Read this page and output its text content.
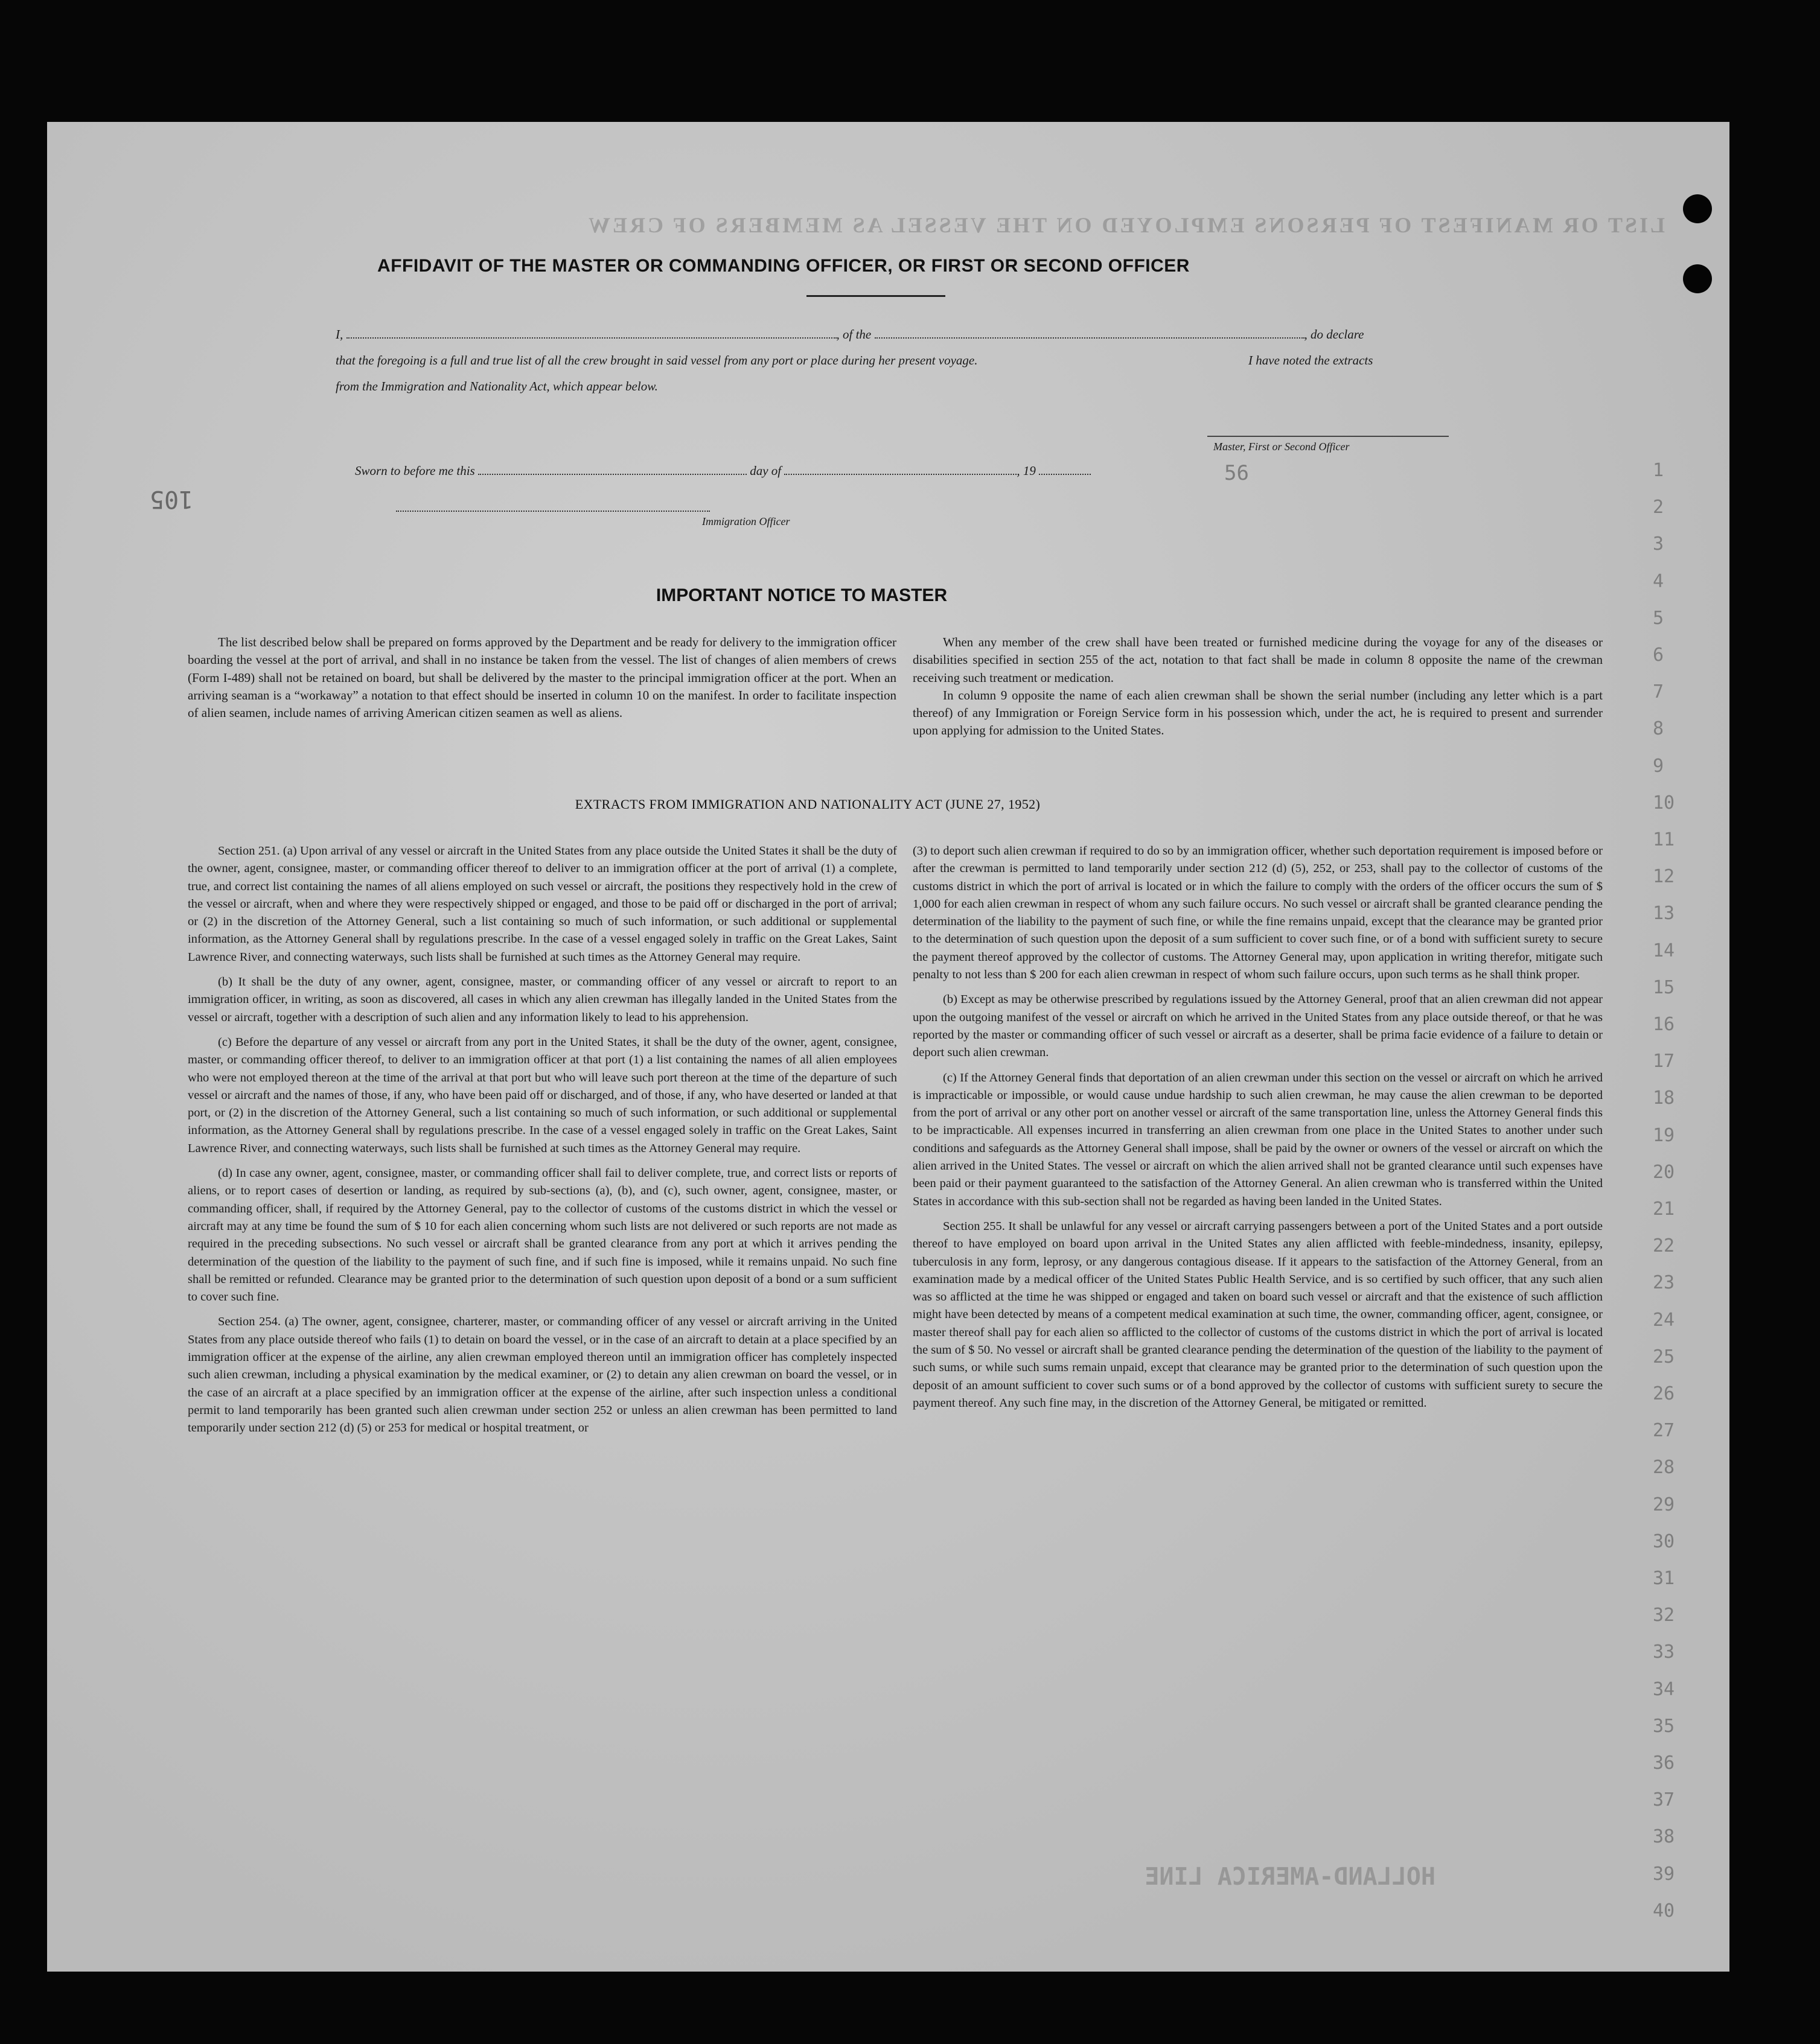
LIST OR MANIFEST OF PERSONS EMPLOYED ON THE VESSEL AS MEMBERS OF CREW
56
HOLLAND-AMERICA LINE
105
1
2
3
4
5
6
7
8
9
10
11
12
13
14
15
16
17
18
19
20
21
22
23
24
25
26
27
28
29
30
31
32
33
34
35
36
37
38
39
40
AFFIDAVIT OF THE MASTER OR COMMANDING OFFICER, OR FIRST OR SECOND OFFICER
I,	, of the	, do declare
that the foregoing is a full and true list of all the crew brought in said vessel from any port or place during her present voyage.	I have noted the extracts
from the Immigration and Nationality Act, which appear below.
Master, First or Second Officer
Sworn to before me this	day of	, 19
Immigration Officer
IMPORTANT NOTICE TO MASTER

The list described below shall be prepared on forms approved by the Department and be ready for delivery to the immigration officer boarding the vessel at the port of arrival, and shall in no instance be taken from the vessel. The list of changes of alien members of crews (Form I-489) shall not be retained on board, but shall be delivered by the master to the principal immigration officer at the port. When an arriving seaman is a “workaway” a notation to that effect should be inserted in column 10 on the manifest. In order to facilitate inspection of alien seamen, include names of arriving American citizen seamen as well as aliens.

When any member of the crew shall have been treated or furnished medicine during the voyage for any of the diseases or disabilities specified in section 255 of the act, notation to that fact shall be made in column 8 opposite the name of the crewman receiving such treatment or medication.

In column 9 opposite the name of each alien crewman shall be shown the serial number (including any letter which is a part thereof) of any Immigration or Foreign Service form in his possession which, under the act, he is required to present and surrender upon applying for admission to the United States.

EXTRACTS FROM IMMIGRATION AND NATIONALITY ACT (JUNE 27, 1952)

Section 251. (a) Upon arrival of any vessel or aircraft in the United States from any place outside the United States it shall be the duty of the owner, agent, consignee, master, or commanding officer thereof to deliver to an immigration officer at the port of arrival (1) a complete, true, and correct list containing the names of all aliens employed on such vessel or aircraft, the positions they respectively hold in the crew of the vessel or aircraft, when and where they were respectively shipped or engaged, and those to be paid off or discharged in the port of arrival; or (2) in the discretion of the Attorney General, such a list containing so much of such information, or such additional or supplemental information, as the Attorney General shall by regulations prescribe. In the case of a vessel engaged solely in traffic on the Great Lakes, Saint Lawrence River, and connecting waterways, such lists shall be furnished at such times as the Attorney General may require.

(b) It shall be the duty of any owner, agent, consignee, master, or commanding officer of any vessel or aircraft to report to an immigration officer, in writing, as soon as discovered, all cases in which any alien crewman has illegally landed in the United States from the vessel or aircraft, together with a description of such alien and any information likely to lead to his apprehension.

(c) Before the departure of any vessel or aircraft from any port in the United States, it shall be the duty of the owner, agent, consignee, master, or commanding officer thereof, to deliver to an immigration officer at that port (1) a list containing the names of all alien employees who were not employed thereon at the time of the arrival at that port but who will leave such port thereon at the time of the departure of such vessel or aircraft and the names of those, if any, who have been paid off or discharged, and of those, if any, who have deserted or landed at that port, or (2) in the discretion of the Attorney General, such a list containing so much of such information, or such additional or supplemental information, as the Attorney General shall by regulations prescribe. In the case of a vessel engaged solely in traffic on the Great Lakes, Saint Lawrence River, and connecting waterways, such lists shall be furnished at such times as the Attorney General may require.

(d) In case any owner, agent, consignee, master, or commanding officer shall fail to deliver complete, true, and correct lists or reports of aliens, or to report cases of desertion or landing, as required by sub-sections (a), (b), and (c), such owner, agent, consignee, master, or commanding officer, shall, if required by the Attorney General, pay to the collector of customs of the customs district in which the vessel or aircraft may at any time be found the sum of $ 10 for each alien concerning whom such lists are not delivered or such reports are not made as required in the preceding subsections. No such vessel or aircraft shall be granted clearance from any port at which it arrives pending the determination of the question of the liability to the payment of such fine, and if such fine is imposed, while it remains unpaid. No such fine shall be remitted or refunded. Clearance may be granted prior to the determination of such question upon deposit of a bond or a sum sufficient to cover such fine.

Section 254. (a) The owner, agent, consignee, charterer, master, or commanding officer of any vessel or aircraft arriving in the United States from any place outside thereof who fails (1) to detain on board the vessel, or in the case of an aircraft to detain at a place specified by an immigration officer at the expense of the airline, any alien crewman employed thereon until an immigration officer has completely inspected such alien crewman, including a physical examination by the medical examiner, or (2) to detain any alien crewman on board the vessel, or in the case of an aircraft at a place specified by an immigration officer at the expense of the airline, after such inspection unless a conditional permit to land temporarily has been granted such alien crewman under section 252 or unless an alien crewman has been permitted to land temporarily under section 212 (d) (5) or 253 for medical or hospital treatment, or

(3) to deport such alien crewman if required to do so by an immigration officer, whether such deportation requirement is imposed before or after the crewman is permitted to land temporarily under section 212 (d) (5), 252, or 253, shall pay to the collector of customs of the customs district in which the port of arrival is located or in which the failure to comply with the orders of the officer occurs the sum of $ 1,000 for each alien crewman in respect of whom any such failure occurs. No such vessel or aircraft shall be granted clearance pending the determination of the liability to the payment of such fine, or while the fine remains unpaid, except that the clearance may be granted prior to the determination of such question upon the deposit of a sum sufficient to cover such fine, or of a bond with sufficient surety to secure the payment thereof approved by the collector of customs. The Attorney General may, upon application in writing therefor, mitigate such penalty to not less than $ 200 for each alien crewman in respect of whom such failure occurs, upon such terms as he shall think proper.

(b) Except as may be otherwise prescribed by regulations issued by the Attorney General, proof that an alien crewman did not appear upon the outgoing manifest of the vessel or aircraft on which he arrived in the United States from any place outside thereof, or that he was reported by the master or commanding officer of such vessel or aircraft as a deserter, shall be prima facie evidence of a failure to detain or deport such alien crewman.

(c) If the Attorney General finds that deportation of an alien crewman under this section on the vessel or aircraft on which he arrived is impracticable or impossible, or would cause undue hardship to such alien crewman, he may cause the alien crewman to be deported from the port of arrival or any other port on another vessel or aircraft of the same transportation line, unless the Attorney General finds this to be impracticable. All expenses incurred in transferring an alien crewman from one place in the United States to another under such conditions and safeguards as the Attorney General shall impose, shall be paid by the owner or owners of the vessel or aircraft on which the alien arrived in the United States. The vessel or aircraft on which the alien arrived shall not be granted clearance until such expenses have been paid or their payment guaranteed to the satisfaction of the Attorney General. An alien crewman who is transferred within the United States in accordance with this sub-section shall not be regarded as having been landed in the United States.

Section 255. It shall be unlawful for any vessel or aircraft carrying passengers between a port of the United States and a port outside thereof to have employed on board upon arrival in the United States any alien afflicted with feeble-mindedness, insanity, epilepsy, tuberculosis in any form, leprosy, or any dangerous contagious disease. If it appears to the satisfaction of the Attorney General, from an examination made by a medical officer of the United States Public Health Service, and is so certified by such officer, that any such alien was so afflicted at the time he was shipped or engaged and taken on board such vessel or aircraft and that the existence of such affliction might have been detected by means of a competent medical examination at such time, the owner, commanding officer, agent, consignee, or master thereof shall pay for each alien so afflicted to the collector of customs of the customs district in which the port of arrival is located the sum of $ 50. No vessel or aircraft shall be granted clearance pending the determination of the question of the liability to the payment of such sums, or while such sums remain unpaid, except that clearance may be granted prior to the determination of such question upon the deposit of an amount sufficient to cover such sums or of a bond approved by the collector of customs with sufficient surety to secure the payment thereof. Any such fine may, in the discretion of the Attorney General, be mitigated or remitted.
